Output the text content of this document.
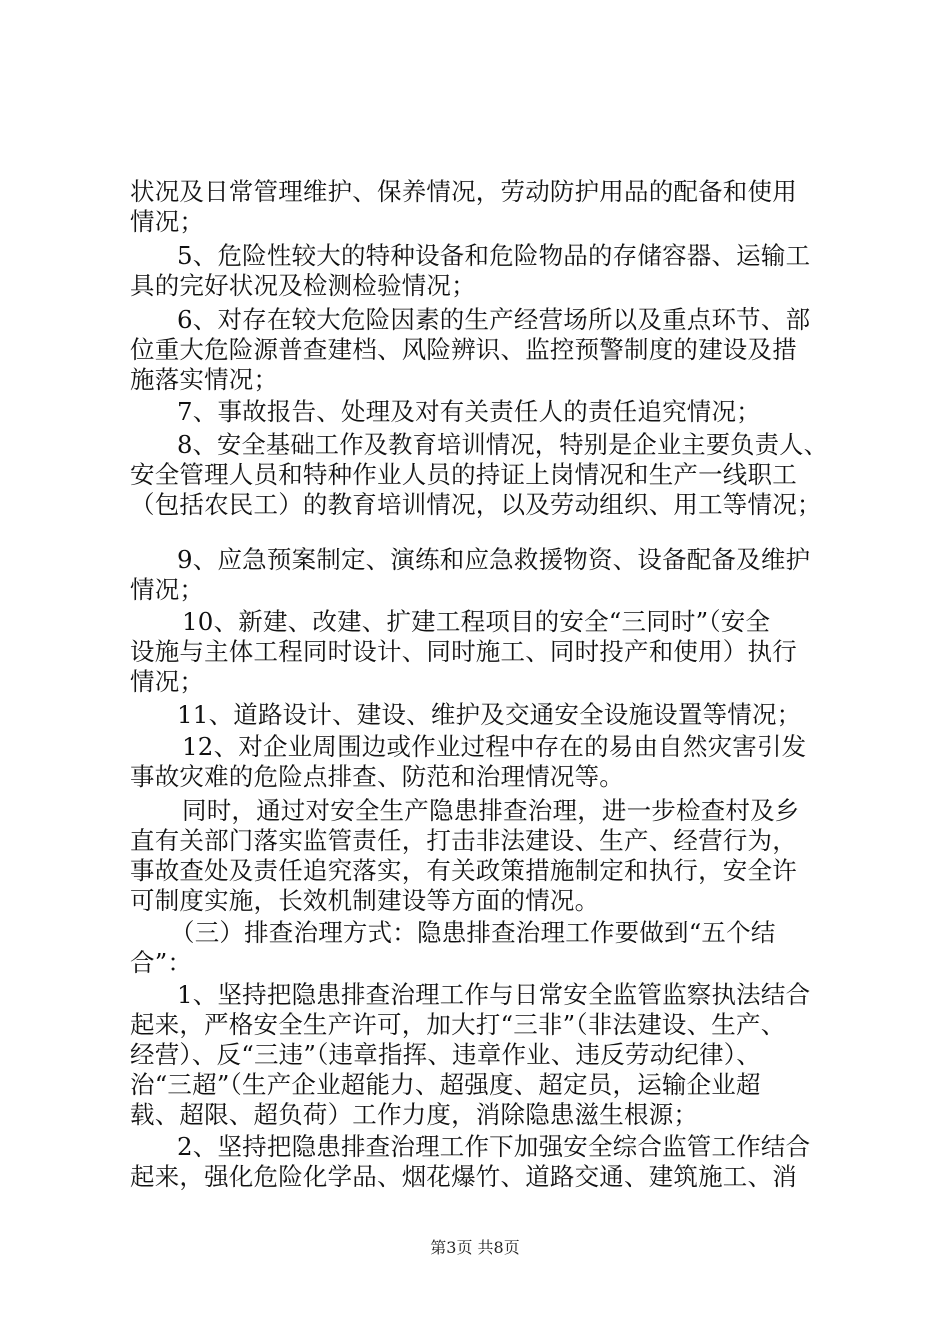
状况及日常管理维护、保养情况，劳动防护用品的配备和使用
情况；
5、危险性较大的特种设备和危险物品的存储容器、运输工
具的完好状况及检测检验情况；
6、对存在较大危险因素的生产经营场所以及重点环节、部
位重大危险源普查建档、风险辨识、监控预警制度的建设及措
施落实情况；
7、事故报告、处理及对有关责任人的责任追究情况；
8、安全基础工作及教育培训情况，特别是企业主要负责人、
安全管理人员和特种作业人员的持证上岗情况和生产一线职工
（包括农民工）的教育培训情况，以及劳动组织、用工等情况；
9、应急预案制定、演练和应急救援物资、设备配备及维护
情况；
10、新建、改建、扩建工程项目的安全“三同时”（安全
设施与主体工程同时设计、同时施工、同时投产和使用）执行
情况；
11、道路设计、建设、维护及交通安全设施设置等情况；
12、对企业周围边或作业过程中存在的易由自然灾害引发
事故灾难的危险点排查、防范和治理情况等。
同时，通过对安全生产隐患排查治理，进一步检查村及乡
直有关部门落实监管责任，打击非法建设、生产、经营行为，
事故查处及责任追究落实，有关政策措施制定和执行，安全许
可制度实施，长效机制建设等方面的情况。
（三）排查治理方式：隐患排查治理工作要做到“五个结
合”：
1、坚持把隐患排查治理工作与日常安全监管监察执法结合
起来，严格安全生产许可，加大打“三非”（非法建设、生产、
经营）、反“三违”（违章指挥、违章作业、违反劳动纪律）、
治“三超”（生产企业超能力、超强度、超定员，运输企业超
载、超限、超负荷）工作力度，消除隐患滋生根源；
2、坚持把隐患排查治理工作下加强安全综合监管工作结合
起来，强化危险化学品、烟花爆竹、道路交通、建筑施工、消
第3页 共8页
